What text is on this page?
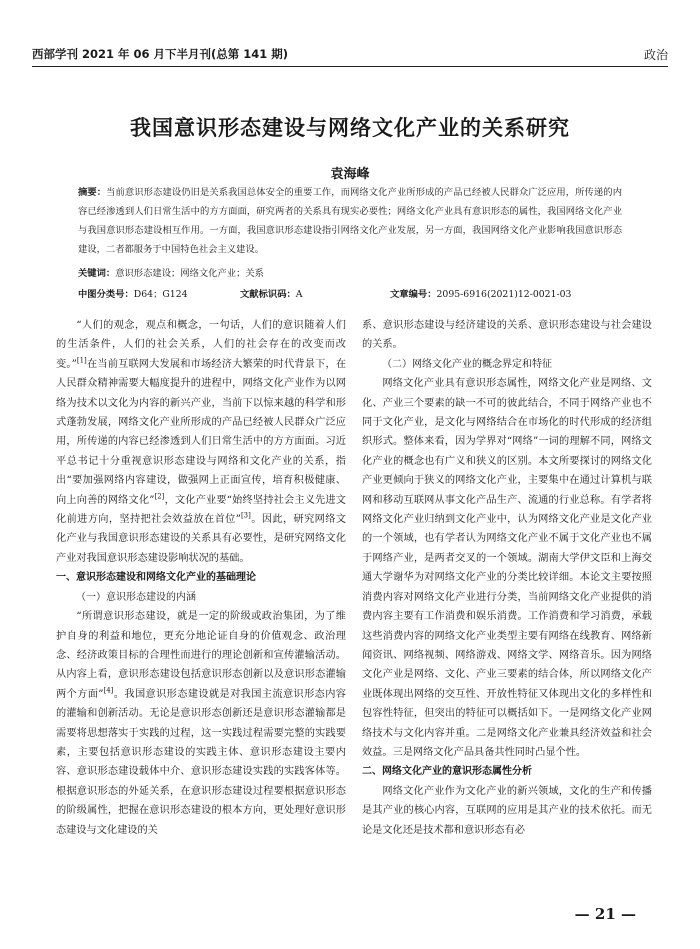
西部学刊 2021 年 06 月下半月刊(总第 141 期)	政治
我国意识形态建设与网络文化产业的关系研究
袁海峰
摘要：当前意识形态建设仍旧是关系我国总体安全的重要工作，而网络文化产业所形成的产品已经被人民群众广泛应用，所传递的内容已经渗透到人们日常生活中的方方面面，研究两者的关系具有现实必要性；网络文化产业具有意识形态的属性，我国网络文化产业与我国意识形态建设相互作用。一方面，我国意识形态建设指引网络文化产业发展，另一方面，我国网络文化产业影响我国意识形态建设，二者都服务于中国特色社会主义建设。
关键词：意识形态建设；网络文化产业；关系
中图分类号：D64；G124	文献标识码：A	文章编号：2095-6916(2021)12-0021-03

“人们的观念，观点和概念，一句话，人们的意识随着人们的生活条件，人们的社会关系，人们的社会存在的改变而改变。”[1]在当前互联网大发展和市场经济大繁荣的时代背景下，在人民群众精神需要大幅度提升的进程中，网络文化产业作为以网络为技术以文化为内容的新兴产业，当前下以惊来越的科学和形式蓬勃发展，网络文化产业所形成的产品已经被人民群众广泛应用，所传递的内容已经渗透到人们日常生活中的方方面面。习近平总书记十分重视意识形态建设与网络和文化产业的关系，指出“要加强网络内容建设，做强网上正面宣传，培育积极健康、向上向善的网络文化”[2]，文化产业要“始终坚持社会主义先进文化前进方向，坚持把社会效益放在首位”[3]。因此，研究网络文化产业与我国意识形态建设的关系具有必要性，是研究网络文化产业对我国意识形态建设影响状况的基础。

一、意识形态建设和网络文化产业的基础理论
（一）意识形态建设的内涵

“所谓意识形态建设，就是一定的阶级或政治集团，为了维护自身的利益和地位，更充分地论证自身的价值观念、政治理念、经济政策目标的合理性而进行的理论创新和宣传灌输活动。从内容上看，意识形态建设包括意识形态创新以及意识形态灌输两个方面”[4]。我国意识形态建设就是对我国主流意识形态内容的灌输和创新活动。无论是意识形态创新还是意识形态灌输都是需要将思想落实于实践的过程，这一实践过程需要完整的实践要素，主要包括意识形态建设的实践主体、意识形态建设主要内容、意识形态建设载体中介、意识形态建设实践的实践客体等。根据意识形态的外延关系，在意识形态建设过程要根据意识形态的阶级属性，把握在意识形态建设的根本方向，更处理好意识形态建设与文化建设的关

系、意识形态建设与经济建设的关系、意识形态建设与社会建设的关系。

（二）网络文化产业的概念界定和特征

网络文化产业具有意识形态属性，网络文化产业是网络、文化、产业三个要素的缺一不可的彼此结合，不同于网络产业也不同于文化产业，是文化与网络结合在市场化的时代形成的经济组织形式。整体来看，因为学界对“网络”一词的理解不同，网络文化产业的概念也有广义和狭义的区别。本文所要探讨的网络文化产业更倾向于狭义的网络文化产业，主要集中在通过计算机与联网和移动互联网从事文化产品生产、流通的行业总称。有学者将网络文化产业归纳到文化产业中，认为网络文化产业是文化产业的一个领域，也有学者认为网络文化产业不属于文化产业也不属于网络产业，是两者交叉的一个领域。湖南大学伊文臣和上海交通大学谢华为对网络文化产业的分类比较详细。本论文主要按照消费内容对网络文化产业进行分类，当前网络文化产业提供的消费内容主要有工作消费和娱乐消费。工作消费和学习消费，承载这些消费内容的网络文化产业类型主要有网络在线教育、网络新闻资讯、网络视频、网络游戏、网络文学、网络音乐。因为网络文化产业是网络、文化、产业三要素的结合体，所以网络文化产业既体现出网络的交互性、开放性特征又体现出文化的多样性和包容性特征，但突出的特征可以概括如下。一是网络文化产业网络技术与文化内容并重。二是网络文化产业兼具经济效益和社会效益。三是网络文化产品具备共性同时凸显个性。

二、网络文化产业的意识形态属性分析

网络文化产业作为文化产业的新兴领域，文化的生产和传播是其产业的核心内容，互联网的应用是其产业的技术依托。而无论是文化还是技术都和意识形态有必

— 21 —
